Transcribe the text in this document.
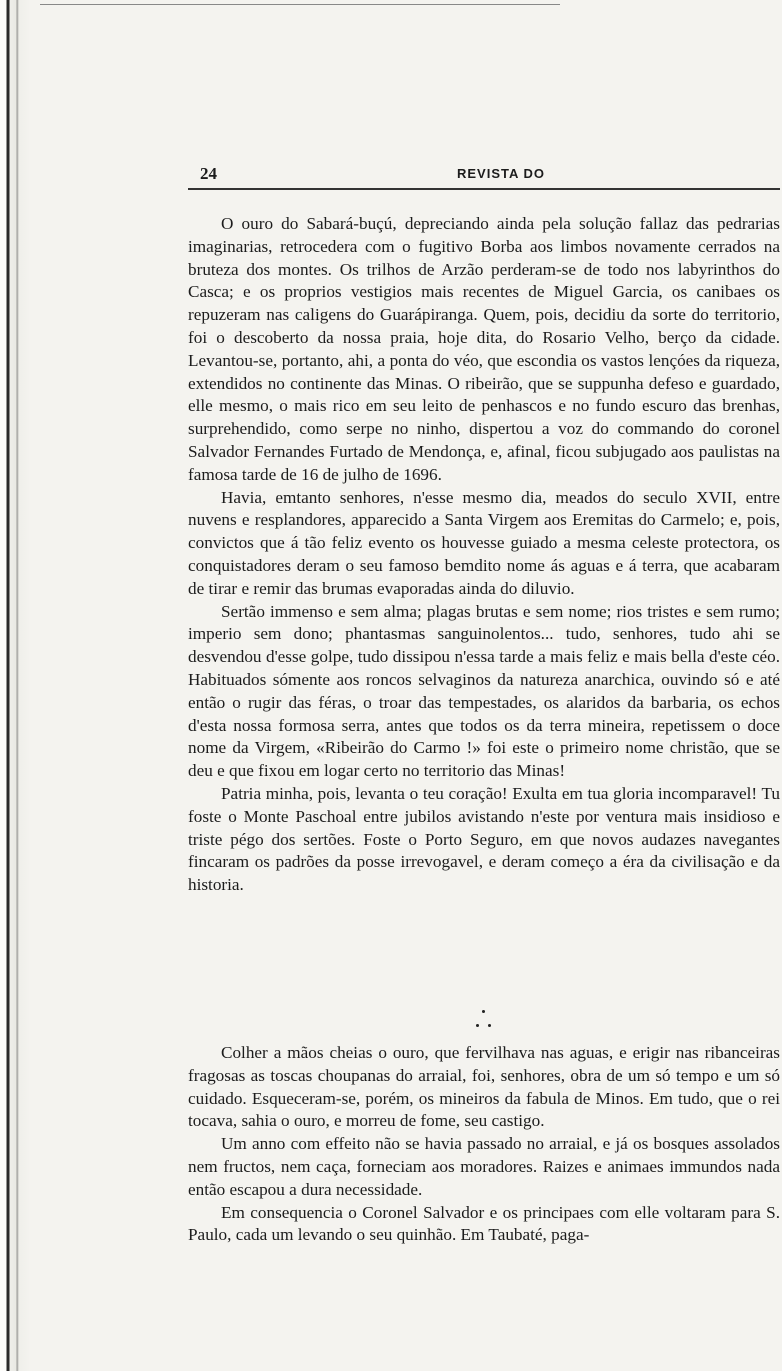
24	REVISTA DO

O ouro do Sabará-buçú, depreciando ainda pela solução fallaz das pedrarias imaginarias, retrocedera com o fugitivo Borba aos limbos novamente cerrados na bruteza dos montes. Os trilhos de Arzão perderam-se de todo nos labyrinthos do Casca; e os proprios vestigios mais recentes de Miguel Garcia, os canibaes os repuzeram nas caligens do Guarápiranga. Quem, pois, decidiu da sorte do territorio, foi o descoberto da nossa praia, hoje dita, do Rosario Velho, berço da cidade. Levantou-se, portanto, ahi, a ponta do véo, que escondia os vastos lençóes da riqueza, extendidos no continente das Minas. O ribeirão, que se suppunha defeso e guardado, elle mesmo, o mais rico em seu leito de penhascos e no fundo escuro das brenhas, surprehendido, como serpe no ninho, dispertou a voz do commando do coronel Salvador Fernandes Furtado de Mendonça, e, afinal, ficou subjugado aos paulistas na famosa tarde de 16 de julho de 1696.

Havia, emtanto senhores, n'esse mesmo dia, meados do seculo XVII, entre nuvens e resplandores, apparecido a Santa Virgem aos Eremitas do Carmelo; e, pois, convictos que á tão feliz evento os houvesse guiado a mesma celeste protectora, os conquistadores deram o seu famoso bemdito nome ás aguas e á terra, que acabaram de tirar e remir das brumas evaporadas ainda do diluvio.

Sertão immenso e sem alma; plagas brutas e sem nome; rios tristes e sem rumo; imperio sem dono; phantasmas sanguinolentos... tudo, senhores, tudo ahi se desvendou d'esse golpe, tudo dissipou n'essa tarde a mais feliz e mais bella d'este céo. Habituados sómente aos roncos selvaginos da natureza anarchica, ouvindo só e até então o rugir das féras, o troar das tempestades, os alaridos da barbaria, os echos d'esta nossa formosa serra, antes que todos os da terra mineira, repetissem o doce nome da Virgem, «Ribeirão do Carmo !» foi este o primeiro nome christão, que se deu e que fixou em logar certo no territorio das Minas!

Patria minha, pois, levanta o teu coração! Exulta em tua gloria incomparavel! Tu foste o Monte Paschoal entre jubilos avistando n'este por ventura mais insidioso e triste pégo dos sertões. Foste o Porto Seguro, em que novos audazes navegantes fincaram os padrões da posse irrevogavel, e deram começo a éra da civilisação e da historia.

Colher a mãos cheias o ouro, que fervilhava nas aguas, e erigir nas ribanceiras fragosas as toscas choupanas do arraial, foi, senhores, obra de um só tempo e um só cuidado. Esqueceram-se, porém, os mineiros da fabula de Minos. Em tudo, que o rei tocava, sahia o ouro, e morreu de fome, seu castigo.

Um anno com effeito não se havia passado no arraial, e já os bosques assolados nem fructos, nem caça, forneciam aos moradores. Raizes e animaes immundos nada então escapou a dura necessidade.

Em consequencia o Coronel Salvador e os principaes com elle voltaram para S. Paulo, cada um levando o seu quinhão. Em Taubaté, paga-
